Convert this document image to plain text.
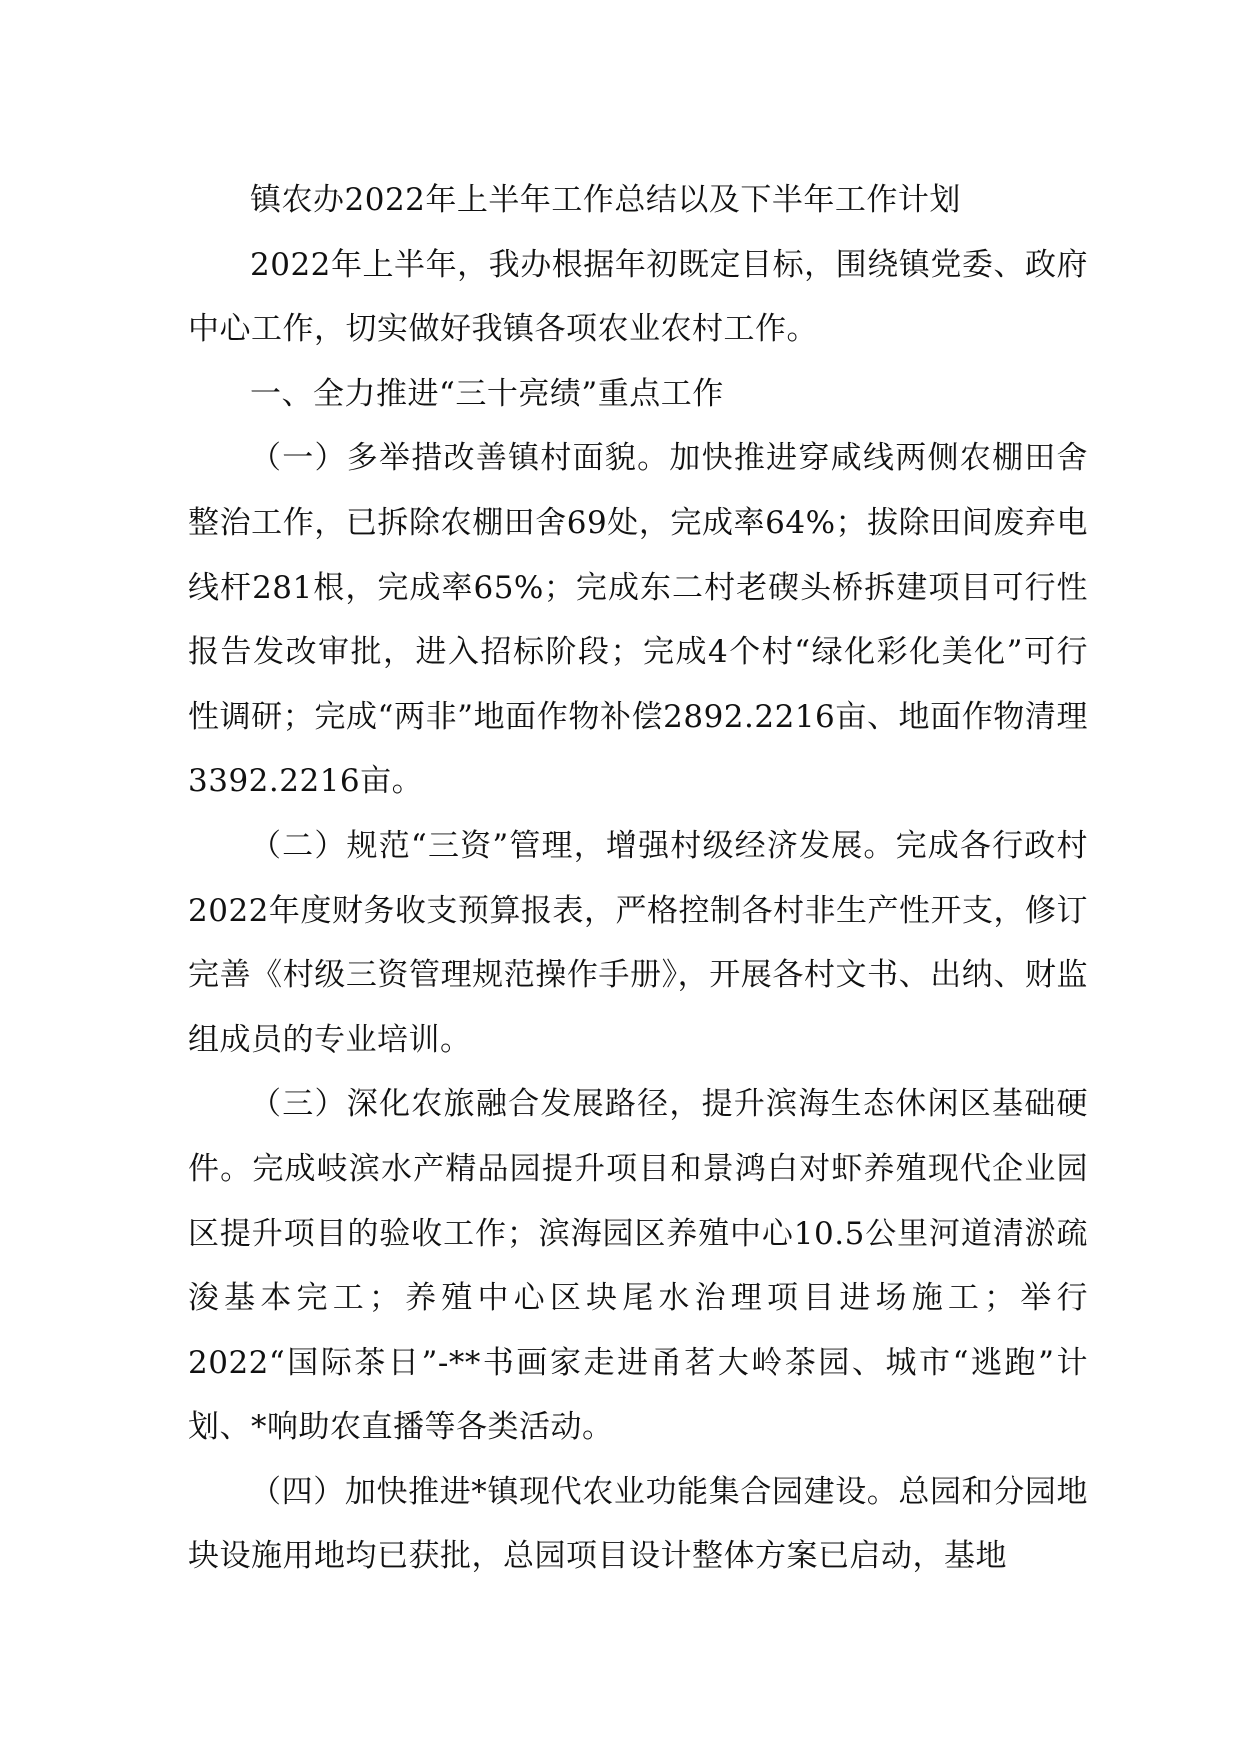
镇农办2022年上半年工作总结以及下半年工作计划

2022年上半年，我办根据年初既定目标，围绕镇党委、政府中心工作，切实做好我镇各项农业农村工作。

一、全力推进“三十亮绩”重点工作

（一）多举措改善镇村面貌。加快推进穿咸线两侧农棚田舍整治工作，已拆除农棚田舍69处，完成率64%；拔除田间废弃电线杆281根，完成率65%；完成东二村老碶头桥拆建项目可行性报告发改审批，进入招标阶段；完成4个村“绿化彩化美化”可行性调研；完成“两非”地面作物补偿2892.2216亩、地面作物清理3392.2216亩。

（二）规范“三资”管理，增强村级经济发展。完成各行政村2022年度财务收支预算报表，严格控制各村非生产性开支，修订完善《村级三资管理规范操作手册》，开展各村文书、出纳、财监组成员的专业培训。

（三）深化农旅融合发展路径，提升滨海生态休闲区基础硬件。完成岐滨水产精品园提升项目和景鸿白对虾养殖现代企业园区提升项目的验收工作；滨海园区养殖中心10.5公里河道清淤疏浚基本完工；养殖中心区块尾水治理项目进场施工；举行2022“国际茶日”-**书画家走进甬茗大岭茶园、城市“逃跑”计划、*响助农直播等各类活动。

（四）加快推进*镇现代农业功能集合园建设。总园和分园地块设施用地均已获批，总园项目设计整体方案已启动，基地
